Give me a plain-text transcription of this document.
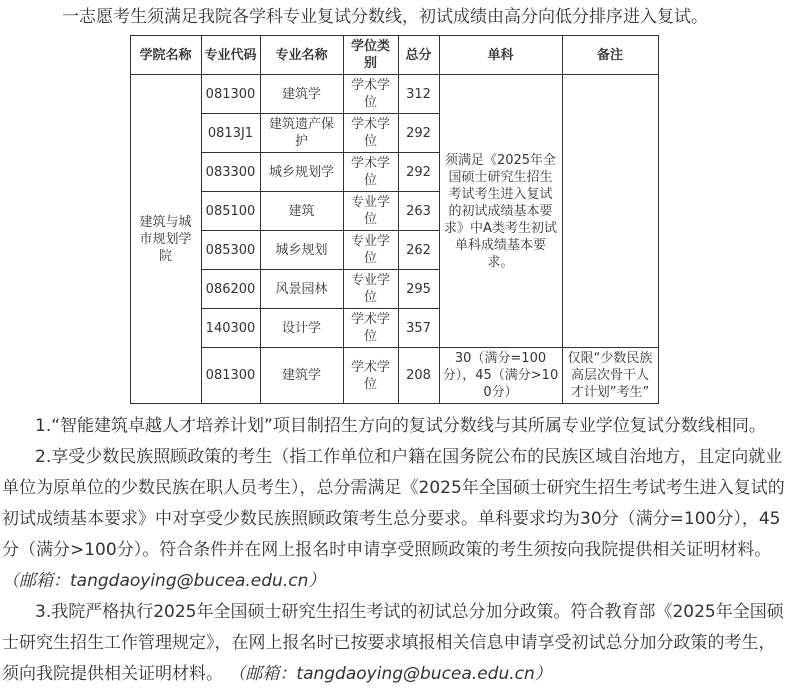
一志愿考生须满足我院各学科专业复试分数线，初试成绩由高分向低分排序进入复试。

学院名称	专业代码	专业名称	学位类别	总分	单科	备注
建筑与城市规划学院	081300	建筑学	学术学位	312	须满足《2025年全国硕士研究生招生考试考生进入复试的初试成绩基本要求》中A类考生初试单科成绩基本要求。	
	0813J1	建筑遗产保护	学术学位	292		
	083300	城乡规划学	学术学位	292		
	085100	建筑	专业学位	263		
	085300	城乡规划	专业学位	262		
	086200	风景园林	专业学位	295		
	140300	设计学	学术学位	357		
	081300	建筑学	学术学位	208	30（满分=100分），45（满分>100分）	仅限“少数民族高层次骨干人才计划”考生”

1.“智能建筑卓越人才培养计划”项目制招生方向的复试分数线与其所属专业学位复试分数线相同。

2.享受少数民族照顾政策的考生（指工作单位和户籍在国务院公布的民族区域自治地方，且定向就业单位为原单位的少数民族在职人员考生），总分需满足《2025年全国硕士研究生招生考试考生进入复试的初试成绩基本要求》中对享受少数民族照顾政策考生总分要求。单科要求均为30分（满分=100分），45分（满分>100分）。符合条件并在网上报名时申请享受照顾政策的考生须按向我院提供相关证明材料。 （邮箱：tangdaoying@bucea.edu.cn）

3.我院严格执行2025年全国硕士研究生招生考试的初试总分加分政策。符合教育部《2025年全国硕士研究生招生工作管理规定》，在网上报名时已按要求填报相关信息申请享受初试总分加分政策的考生，须向我院提供相关证明材料。 （邮箱：tangdaoying@bucea.edu.cn）
